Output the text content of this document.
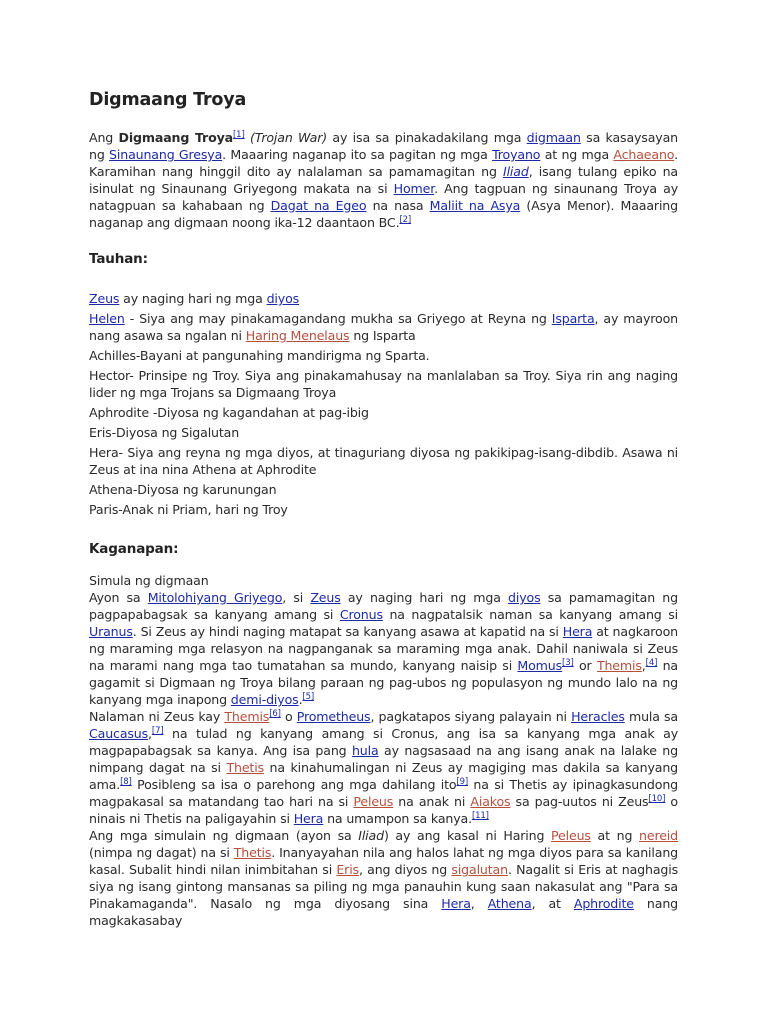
Digmaang Troya

Ang Digmaang Troya[1] (Trojan War) ay isa sa pinakadakilang mga digmaan sa kasaysayan ng Sinaunang Gresya. Maaaring naganap ito sa pagitan ng mga Troyano at ng mga Achaeano. Karamihan nang hinggil dito ay nalalaman sa pamamagitan ng Iliad, isang tulang epiko na isinulat ng Sinaunang Griyegong makata na si Homer. Ang tagpuan ng sinaunang Troya ay natagpuan sa kahabaan ng Dagat na Egeo na nasa Maliit na Asya (Asya Menor). Maaaring naganap ang digmaan noong ika-12 daantaon BC.[2]

Tauhan:

Zeus ay naging hari ng mga diyos

Helen - Siya ang may pinakamagandang mukha sa Griyego at Reyna ng Isparta, ay mayroon nang asawa sa ngalan ni Haring Menelaus ng Isparta

Achilles-Bayani at pangunahing mandirigma ng Sparta.

Hector- Prinsipe ng Troy. Siya ang pinakamahusay na manlalaban sa Troy. Siya rin ang naging lider ng mga Trojans sa Digmaang Troya

Aphrodite -Diyosa ng kagandahan at pag-ibig

Eris-Diyosa ng Sigalutan

Hera- Siya ang reyna ng mga diyos, at tinaguriang diyosa ng pakikipag-isang-dibdib. Asawa ni Zeus at ina nina Athena at Aphrodite

Athena-Diyosa ng karunungan

Paris-Anak ni Priam, hari ng Troy

Kaganapan:

Simula ng digmaan

Ayon sa Mitolohiyang Griyego, si Zeus ay naging hari ng mga diyos sa pamamagitan ng pagpapabagsak sa kanyang amang si Cronus na nagpatalsik naman sa kanyang amang si Uranus. Si Zeus ay hindi naging matapat sa kanyang asawa at kapatid na si Hera at nagkaroon ng maraming mga relasyon na nagpanganak sa maraming mga anak. Dahil naniwala si Zeus na marami nang mga tao tumatahan sa mundo, kanyang naisip si Momus[3] or Themis,[4] na gagamit si Digmaan ng Troya bilang paraan ng pag-ubos ng populasyon ng mundo lalo na ng kanyang mga inapong demi-diyos.[5]

Nalaman ni Zeus kay Themis[6] o Prometheus, pagkatapos siyang palayain ni Heracles mula sa Caucasus,[7] na tulad ng kanyang amang si Cronus, ang isa sa kanyang mga anak ay magpapabagsak sa kanya. Ang isa pang hula ay nagsasaad na ang isang anak na lalake ng nimpang dagat na si Thetis na kinahumalingan ni Zeus ay magiging mas dakila sa kanyang ama.[8] Posibleng sa isa o parehong ang mga dahilang ito[9] na si Thetis ay ipinagkasundong magpakasal sa matandang tao hari na si Peleus na anak ni Aiakos sa pag-uutos ni Zeus[10] o ninais ni Thetis na paligayahin si Hera na umampon sa kanya.[11]

Ang mga simulain ng digmaan (ayon sa Iliad) ay ang kasal ni Haring Peleus at ng nereid (nimpa ng dagat) na si Thetis. Inanyayahan nila ang halos lahat ng mga diyos para sa kanilang kasal. Subalit hindi nilan inimbitahan si Eris, ang diyos ng sigalutan. Nagalit si Eris at naghagis siya ng isang gintong mansanas sa piling ng mga panauhin kung saan nakasulat ang "Para sa Pinakamaganda". Nasalo ng mga diyosang sina Hera, Athena, at Aphrodite nang magkakasabay
